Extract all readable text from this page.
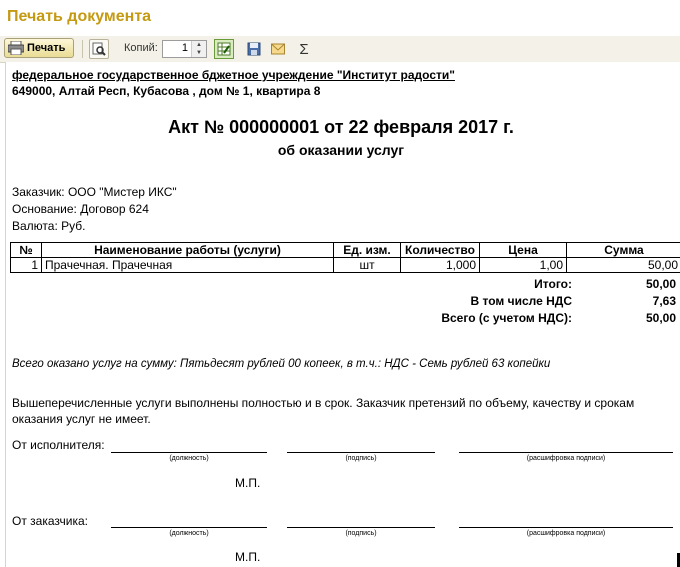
Печать документа
Печать	Копий: 1	▲
▼	Σ
федеральное государственное бджетное учреждение "Институт радости"
649000, Алтай Респ, Кубасова , дом № 1, квартира 8
Акт № 000000001 от 22 февраля 2017 г.
об оказании услуг
Заказчик: ООО "Мистер ИКС"
Основание: Договор 624
Валюта: Руб.
№	Наименование работы (услуги)	Ед. изм.	Количество	Цена	Сумма
1	Прачечная. Прачечная	шт	1,000	1,00	50,00
Итого:	50,00
В том числе НДС	7,63
Всего (с учетом НДС):	50,00
Всего оказано услуг на сумму: Пятьдесят рублей 00 копеек, в т.ч.: НДС - Семь рублей 63 копейки
Вышеперечисленные услуги выполнены полностью и в срок. Заказчик претензий по объему, качеству и срокам оказания услуг не имеет.
От исполнителя:
(должность)	(подпись)	(расшифровка подписи)
М.П.
От заказчика:
(должность)	(подпись)	(расшифровка подписи)
М.П.
